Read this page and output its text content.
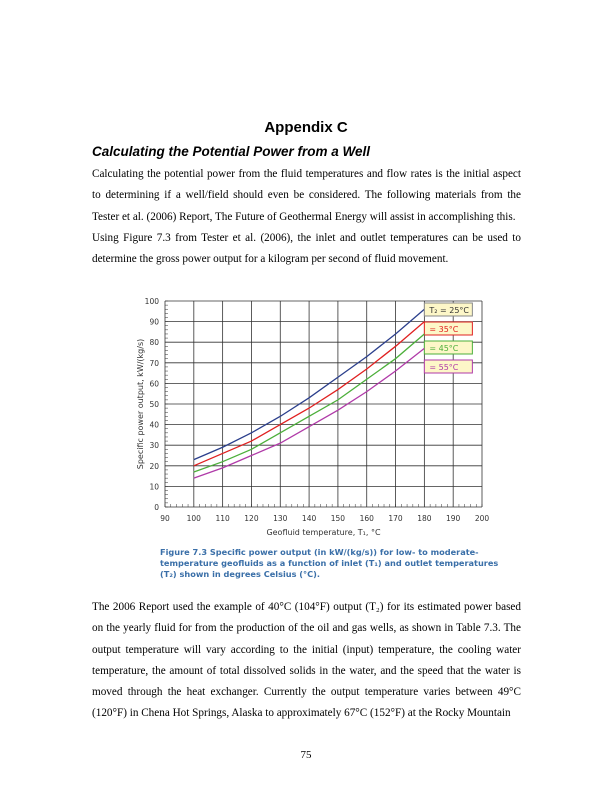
Appendix C
Calculating the Potential Power from a Well
Calculating the potential power from the fluid temperatures and flow rates is the initial aspect to determining if a well/field should even be considered. The following materials from the Tester et al. (2006) Report, The Future of Geothermal Energy will assist in accomplishing this.
Using Figure 7.3 from Tester et al. (2006), the inlet and outlet temperatures can be used to determine the gross power output for a kilogram per second of fluid movement.
90 100 110 120 130 140 150 160 170 180 190 200
0
10
20
30
40
50
60
70
80
90
100
Geofluid temperature, T₁, °C
Specific power output, kW/(kg/s)
T₂ = 25°C
= 35°C
= 45°C
= 55°C
Figure 7.3 Specific power output (in kW/(kg/s)) for low- to moderate-temperature geofluids as a function of inlet (T₁) and outlet temperatures (T₂) shown in degrees Celsius (°C).
The 2006 Report used the example of 40°C (104°F) output (T₂) for its estimated power based on the yearly fluid for from the production of the oil and gas wells, as shown in Table 7.3. The output temperature will vary according to the initial (input) temperature, the cooling water temperature, the amount of total dissolved solids in the water, and the speed that the water is moved through the heat exchanger. Currently the output temperature varies between 49°C (120°F) in Chena Hot Springs, Alaska to approximately 67°C (152°F) at the Rocky Mountain
75
